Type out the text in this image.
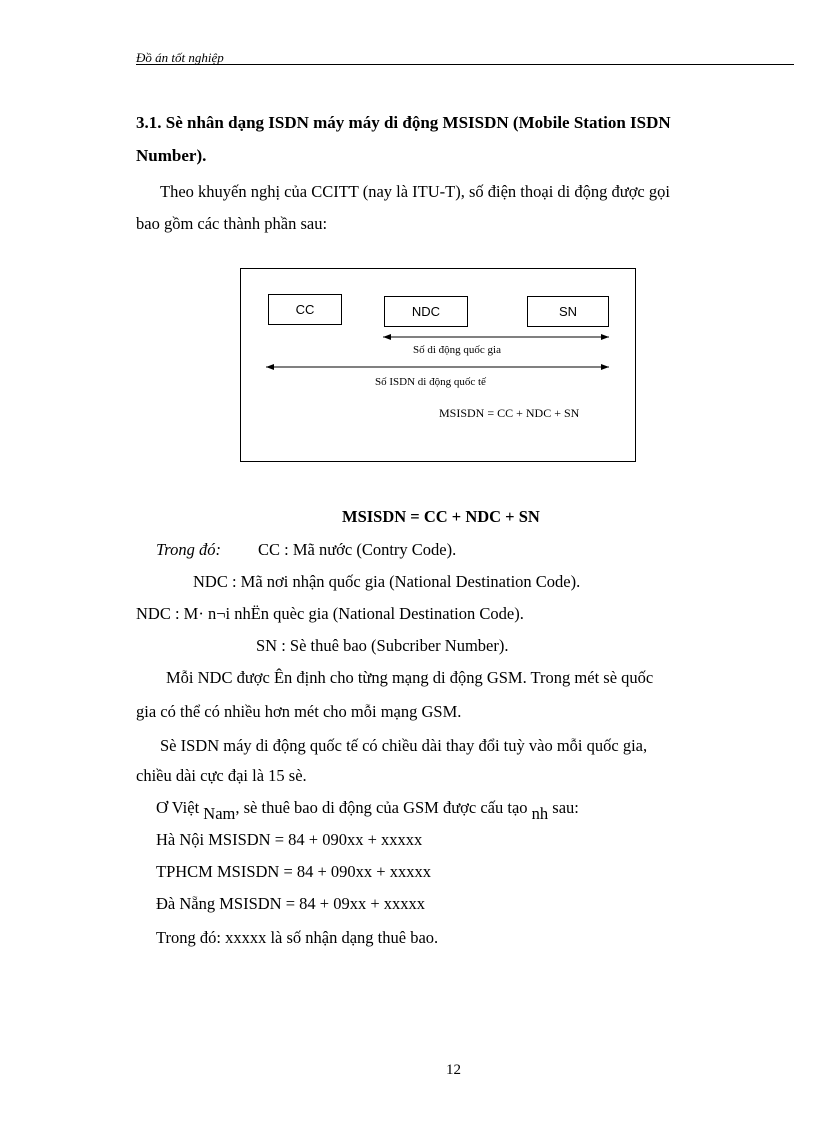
Đồ án tốt nghiệp
3.1. Sè nhân dạng ISDN máy máy di động MSISDN (Mobile Station ISDN
Number).
Theo khuyến nghị của CCITT (nay là ITU-T), số điện thoại di động được gọi
bao gồm các thành phần sau:
CC	NDC	SN
Số di động quốc gia
Số ISDN di động quốc tế
MSISDN = CC + NDC + SN
MSISDN = CC + NDC + SN
Trong đó: CC : Mã nước (Contry Code).
NDC : Mã nơi nhận quốc gia (National Destination Code).
NDC : M· n¬i nhËn quèc gia (National Destination Code).
SN : Sè thuê bao (Subcriber Number).
Mỗi NDC được Ên định cho từng mạng di động GSM. Trong mét sè quốc
gia có thể có nhiều hơn mét cho mỗi mạng GSM.
Sè ISDN máy di động quốc tế có chiều dài thay đổi tuỳ vào mỗi quốc gia,
chiều dài cực đại là 15 sè.
Ơ Việt Nam, sè thuê bao di động của GSM được cấu tạo nh sau:
Hà Nội MSISDN = 84 + 090xx + xxxxx
TPHCM MSISDN = 84 + 090xx + xxxxx
Đà Nẵng MSISDN = 84 + 09xx + xxxxx
Trong đó: xxxxx là số nhận dạng thuê bao.
12
